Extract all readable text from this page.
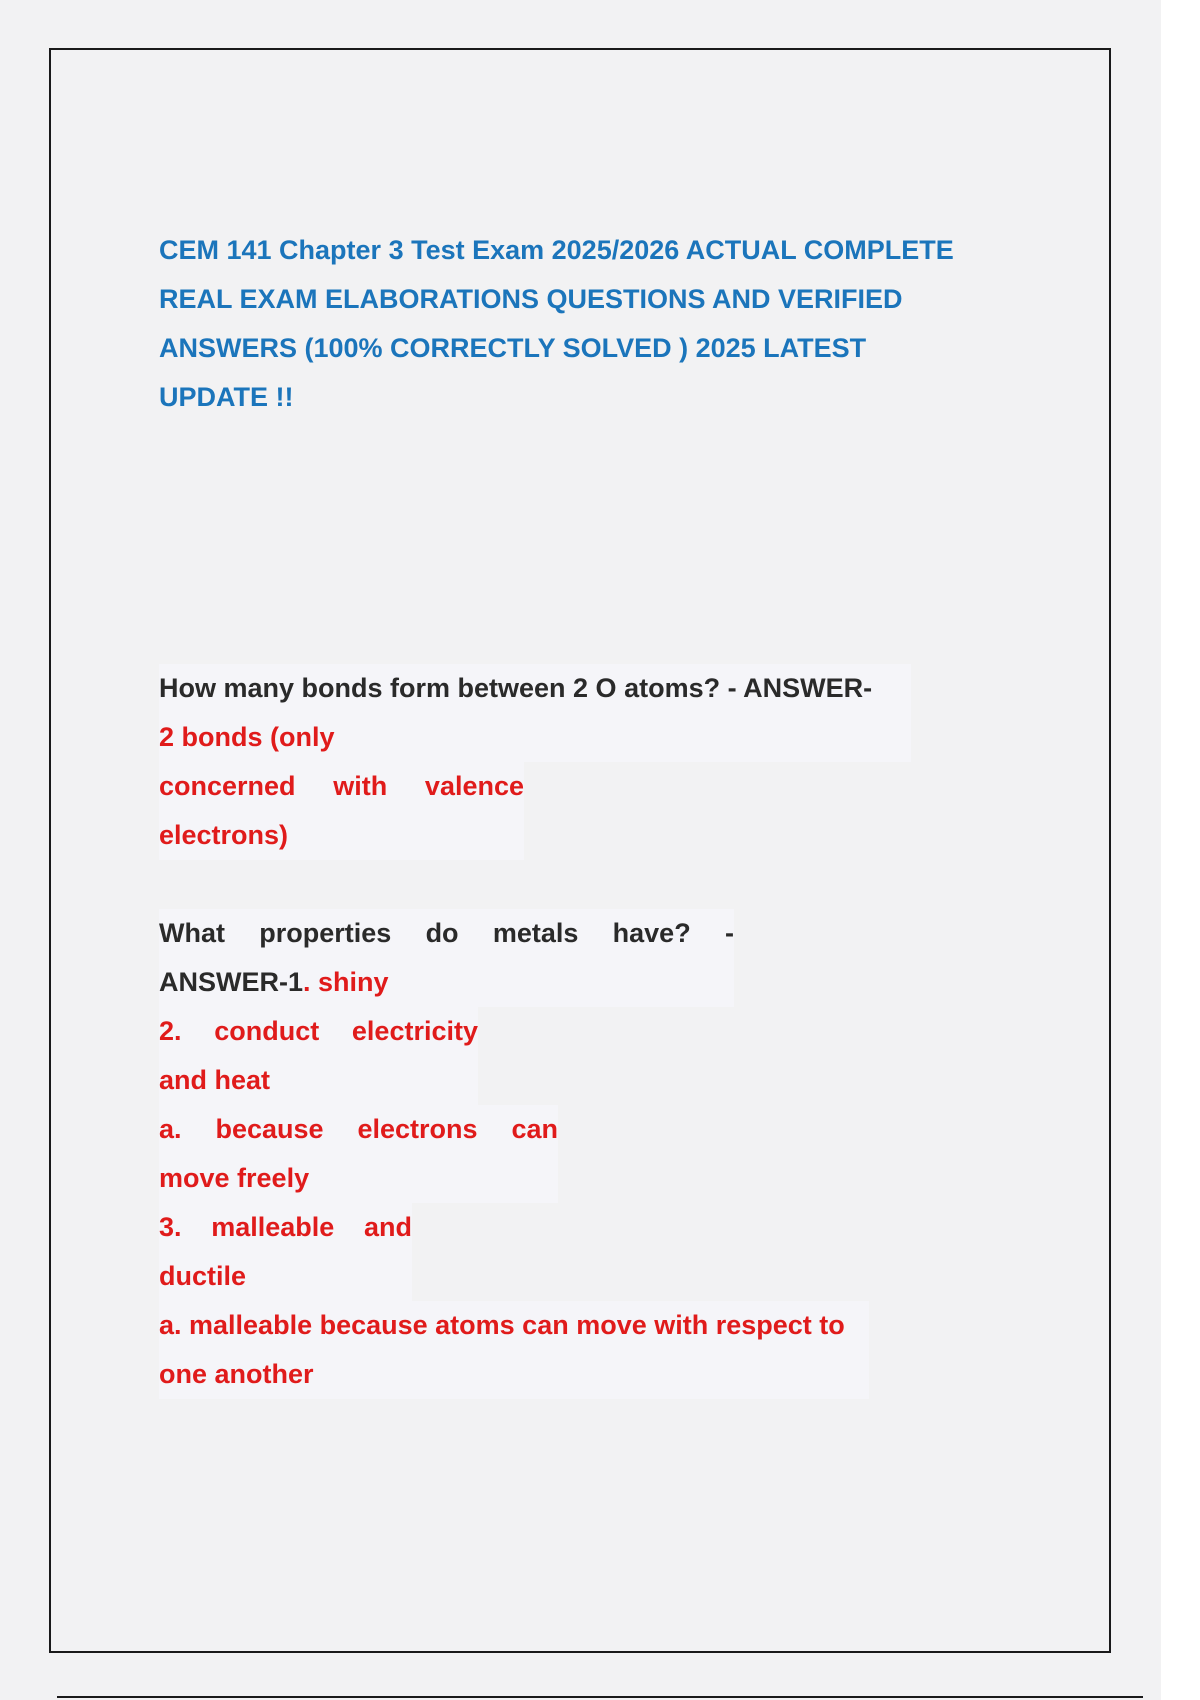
CEM 141 Chapter 3 Test Exam 2025/2026 ACTUAL COMPLETE
REAL EXAM ELABORATIONS QUESTIONS AND VERIFIED
ANSWERS (100% CORRECTLY SOLVED ) 2025 LATEST
UPDATE !!
How many bonds form between 2 O atoms? - ANSWER-
2 bonds (only
concerned with valence
electrons)
What properties do metals have? -
ANSWER-1 . shiny
2. conduct electricity
and heat
a. because electrons can
move freely
3. malleable and
ductile
a. malleable because atoms can move with respect to
one another
